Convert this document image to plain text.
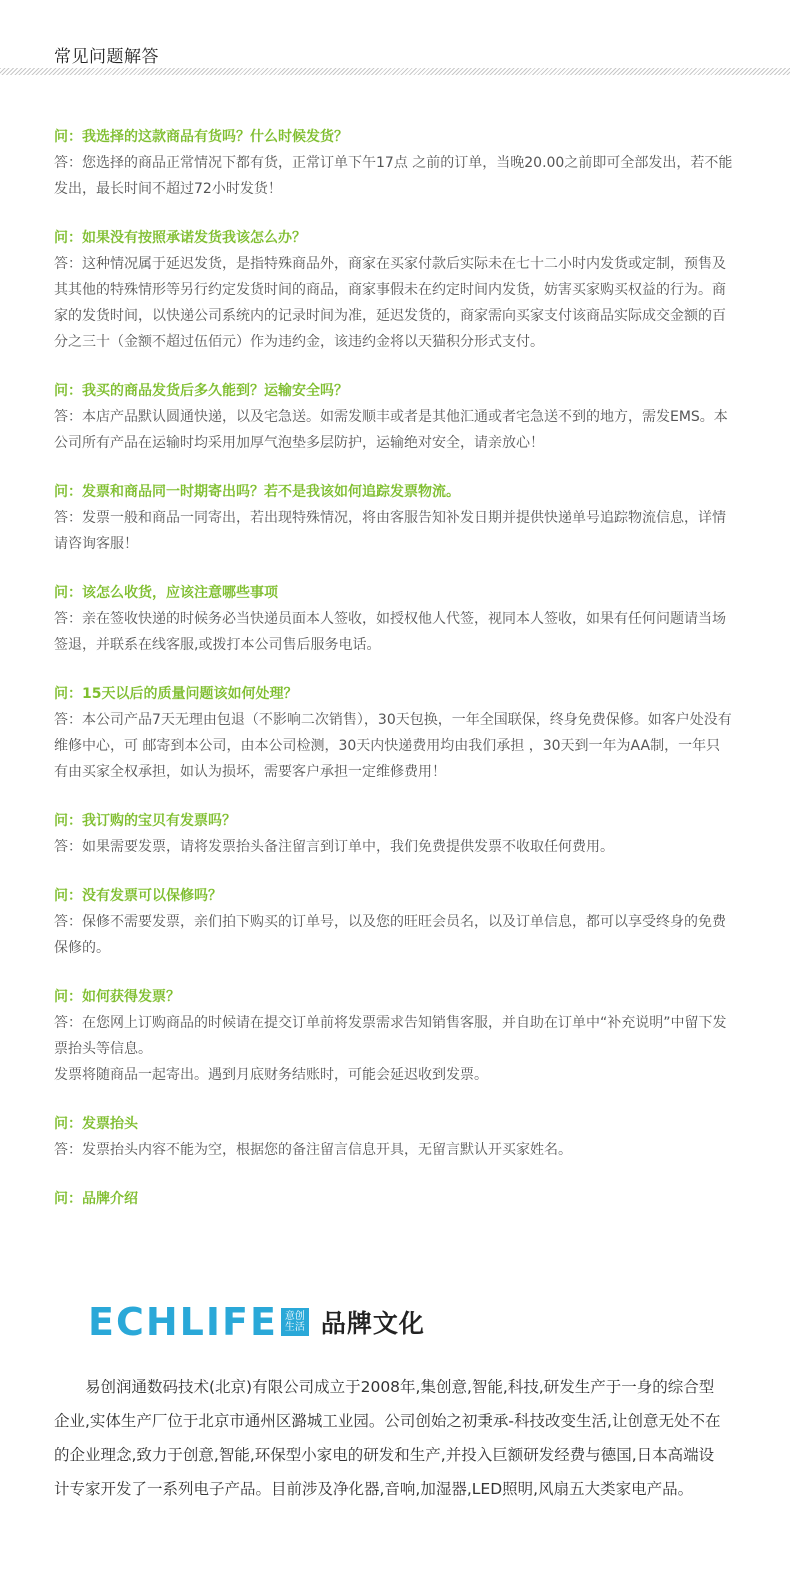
常见问题解答

问：我选择的这款商品有货吗？什么时候发货？

答：您选择的商品正常情况下都有货，正常订单下午17点 之前的订单，当晚20.00之前即可全部发出，若不能发出，最长时间不超过72小时发货！

问：如果没有按照承诺发货我该怎么办？

答：这种情况属于延迟发货，是指特殊商品外，商家在买家付款后实际未在七十二小时内发货或定制，预售及其其他的特殊情形等另行约定发货时间的商品，商家事假未在约定时间内发货，妨害买家购买权益的行为。商家的发货时间，以快递公司系统内的记录时间为准，延迟发货的，商家需向买家支付该商品实际成交金额的百分之三十（金额不超过伍佰元）作为违约金，该违约金将以天猫积分形式支付。

问：我买的商品发货后多久能到？运输安全吗？

答：本店产品默认圆通快递，以及宅急送。如需发顺丰或者是其他汇通或者宅急送不到的地方，需发EMS。本公司所有产品在运输时均采用加厚气泡垫多层防护，运输绝对安全，请亲放心！

问：发票和商品同一时期寄出吗？若不是我该如何追踪发票物流。

答：发票一般和商品一同寄出，若出现特殊情况，将由客服告知补发日期并提供快递单号追踪物流信息，详情请咨询客服！

问：该怎么收货，应该注意哪些事项

答：亲在签收快递的时候务必当快递员面本人签收，如授权他人代签，视同本人签收，如果有任何问题请当场签退，并联系在线客服,或拨打本公司售后服务电话。

问：15天以后的质量问题该如何处理？

答：本公司产品7天无理由包退（不影响二次销售），30天包换，一年全国联保，终身免费保修。如客户处没有 维修中心，可 邮寄到本公司，由本公司检测，30天内快递费用均由我们承担 ，30天到一年为AA制，一年只有由买家全权承担，如认为损坏，需要客户承担一定维修费用！

问：我订购的宝贝有发票吗？

答：如果需要发票，请将发票抬头备注留言到订单中，我们免费提供发票不收取任何费用。

问：没有发票可以保修吗？

答：保修不需要发票，亲们拍下购买的订单号，以及您的旺旺会员名，以及订单信息，都可以享受终身的免费保修的。

问：如何获得发票？

答：在您网上订购商品的时候请在提交订单前将发票需求告知销售客服，并自助在订单中“补充说明”中留下发票抬头等信息。

发票将随商品一起寄出。遇到月底财务结账时，可能会延迟收到发票。

问：发票抬头

答：发票抬头内容不能为空，根据您的备注留言信息开具，无留言默认开买家姓名。

问：品牌介绍

ECHLIFE 意创生活 品牌文化

易创润通数码技术(北京)有限公司成立于2008年,集创意,智能,科技,研发生产于一身的综合型企业,实体生产厂位于北京市通州区潞城工业园。公司创始之初秉承-科技改变生活,让创意无处不在 的企业理念,致力于创意,智能,环保型小家电的研发和生产,并投入巨额研发经费与德国,日本高端设计专家开发了一系列电子产品。目前涉及净化器,音响,加湿器,LED照明,风扇五大类家电产品。
